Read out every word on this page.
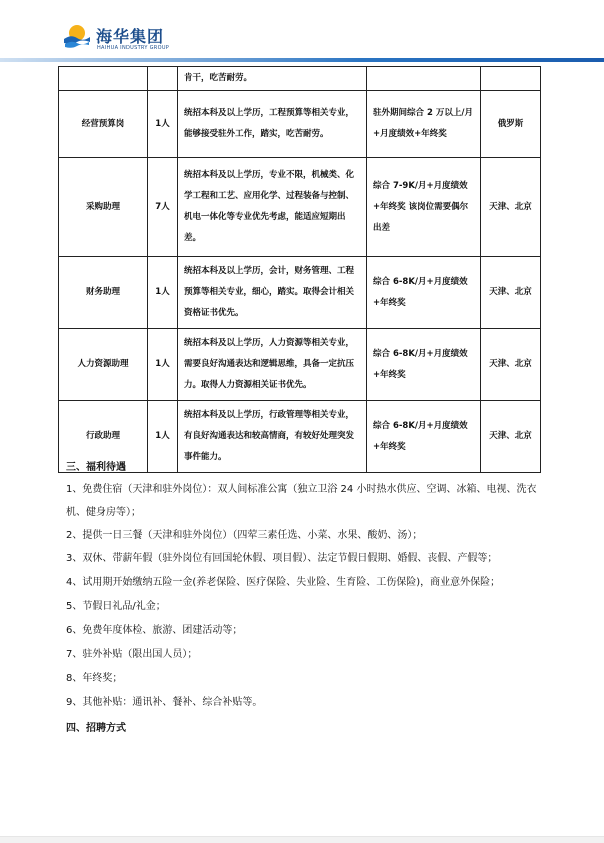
海华集团
HAIHUA INDUSTRY GROUP
		肯干，吃苦耐劳。		
经营预算岗	1人	统招本科及以上学历，工程预算等相关专业，能够接受驻外工作，踏实，吃苦耐劳。	驻外期间综合 2 万以上/月+月度绩效+年终奖	俄罗斯
采购助理	7人	统招本科及以上学历，专业不限，机械类、化学工程和工艺、应用化学、过程装备与控制、机电一体化等专业优先考虑，能适应短期出差。	综合 7-9K/月+月度绩效+年终奖 该岗位需要偶尔出差	天津、北京
财务助理	1人	统招本科及以上学历，会计，财务管理、工程预算等相关专业，细心，踏实。取得会计相关资格证书优先。	综合 6-8K/月+月度绩效+年终奖	天津、北京
人力资源助理	1人	统招本科及以上学历，人力资源等相关专业，需要良好沟通表达和逻辑思维，具备一定抗压力。取得人力资源相关证书优先。	综合 6-8K/月+月度绩效+年终奖	天津、北京
行政助理	1人	统招本科及以上学历，行政管理等相关专业，有良好沟通表达和较高情商，有较好处理突发事件能力。	综合 6-8K/月+月度绩效+年终奖	天津、北京
三、福利待遇
1、免费住宿（天津和驻外岗位）：双人间标准公寓（独立卫浴 24 小时热水供应、空调、冰箱、电视、洗衣机、健身房等）；
2、提供一日三餐（天津和驻外岗位）（四荤三素任选、小菜、水果、酸奶、汤）；
3、双休、带薪年假（驻外岗位有回国轮休假、项目假）、法定节假日假期、婚假、丧假、产假等；
4、试用期开始缴纳五险一金(养老保险、医疗保险、失业险、生育险、工伤保险)，商业意外保险；
5、节假日礼品/礼金；
6、免费年度体检、旅游、团建活动等；
7、驻外补贴（限出国人员）；
8、年终奖；
9、其他补贴：通讯补、餐补、综合补贴等。
四、招聘方式
